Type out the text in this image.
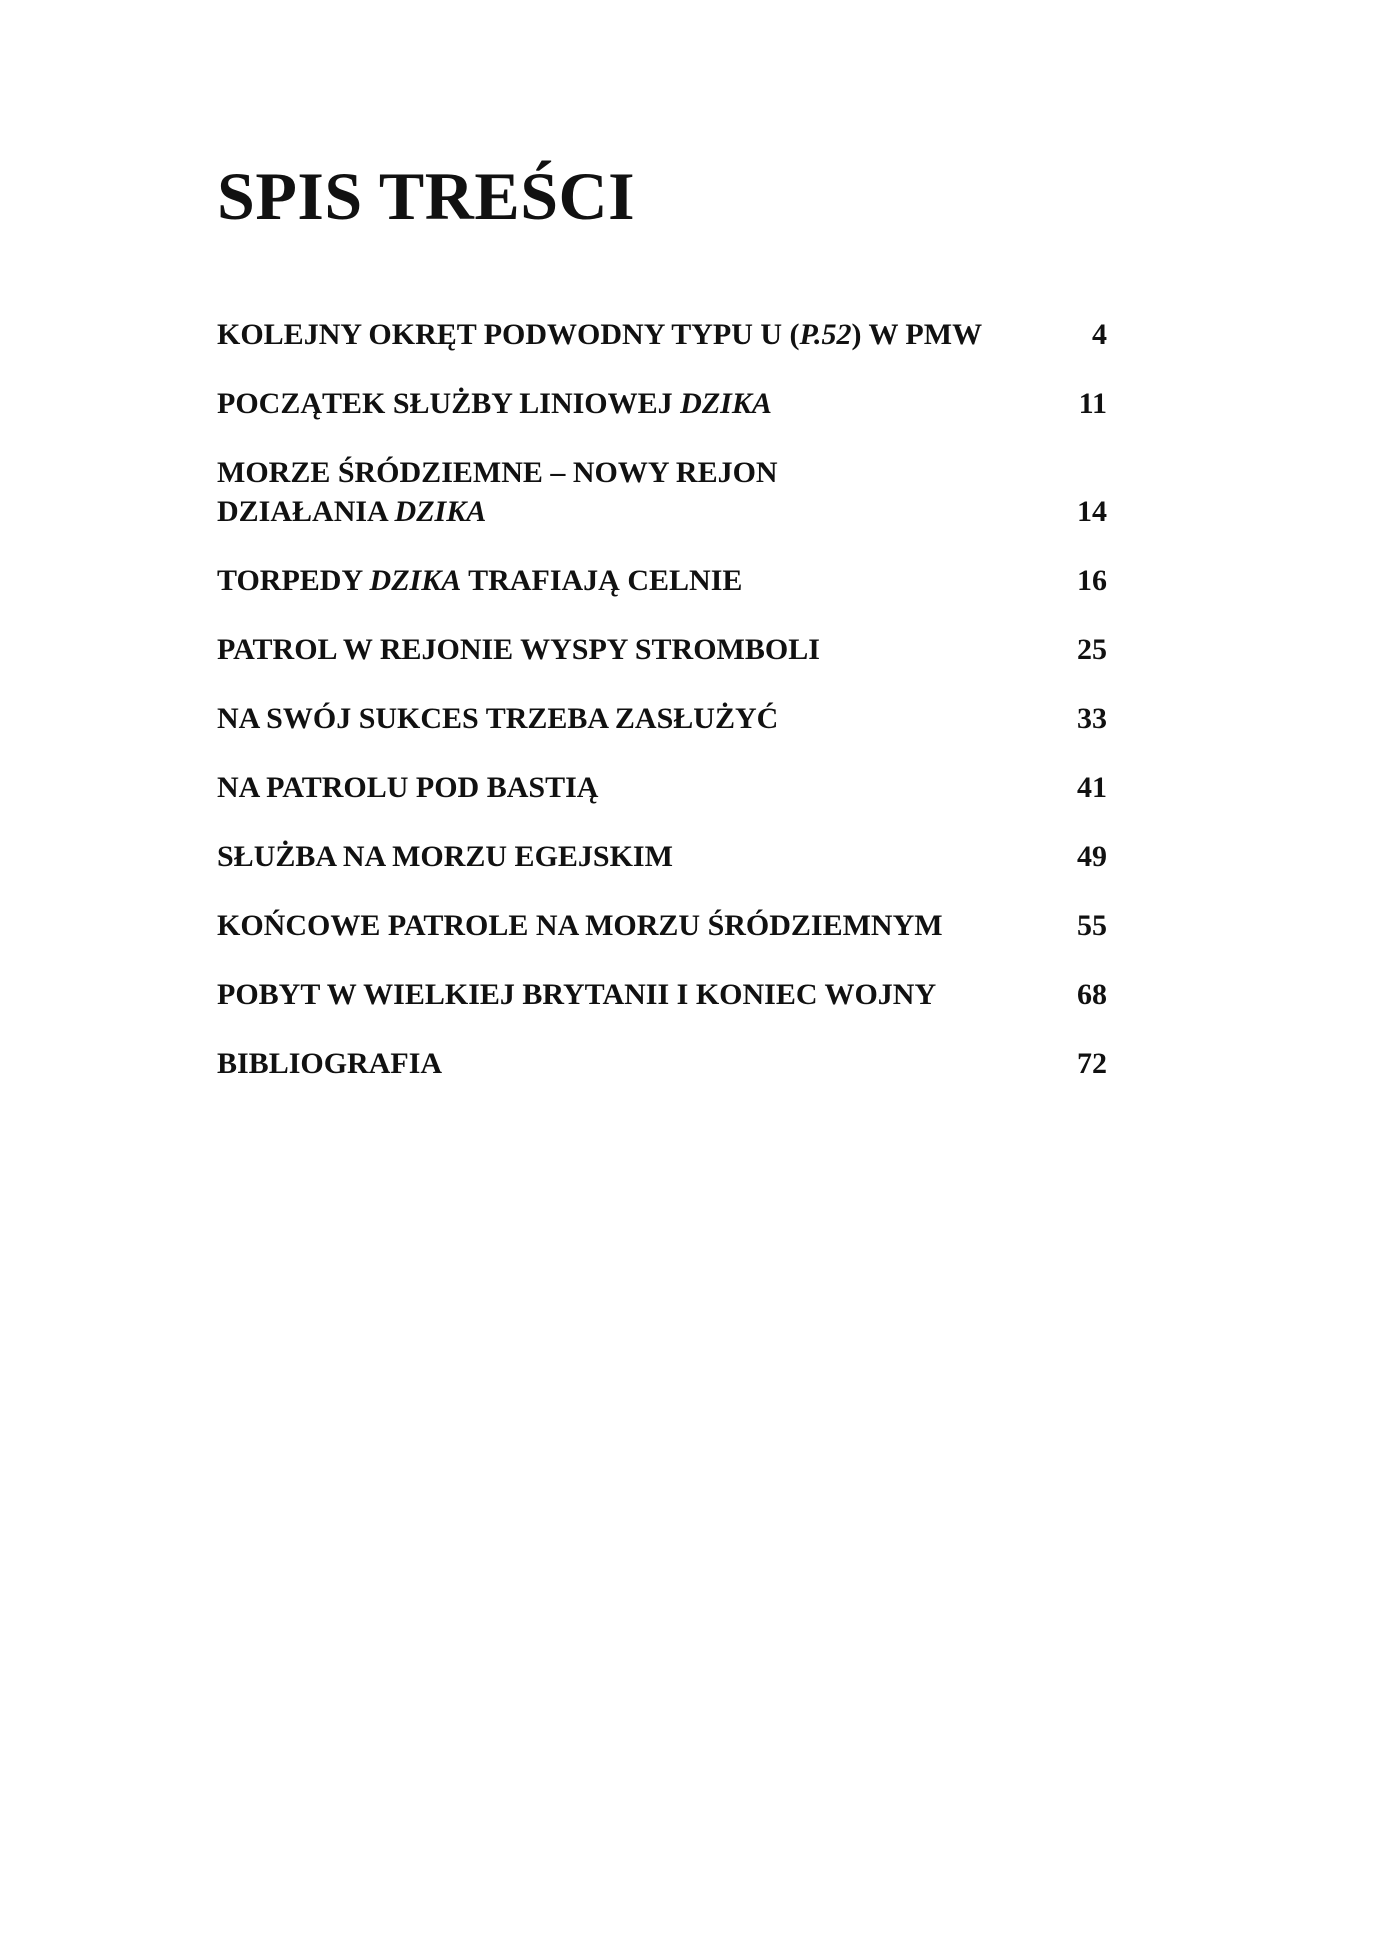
SPIS TREŚCI
KOLEJNY OKRĘT PODWODNY TYPU U (P.52) W PMW	4
POCZĄTEK SŁUŻBY LINIOWEJ DZIKA	11
MORZE ŚRÓDZIEMNE – NOWY REJON
DZIAŁANIA DZIKA	14
TORPEDY DZIKA TRAFIAJĄ CELNIE	16
PATROL W REJONIE WYSPY STROMBOLI	25
NA SWÓJ SUKCES TRZEBA ZASŁUŻYĆ	33
NA PATROLU POD BASTIĄ	41
SŁUŻBA NA MORZU EGEJSKIM	49
KOŃCOWE PATROLE NA MORZU ŚRÓDZIEMNYM	55
POBYT W WIELKIEJ BRYTANII I KONIEC WOJNY	68
BIBLIOGRAFIA	72
